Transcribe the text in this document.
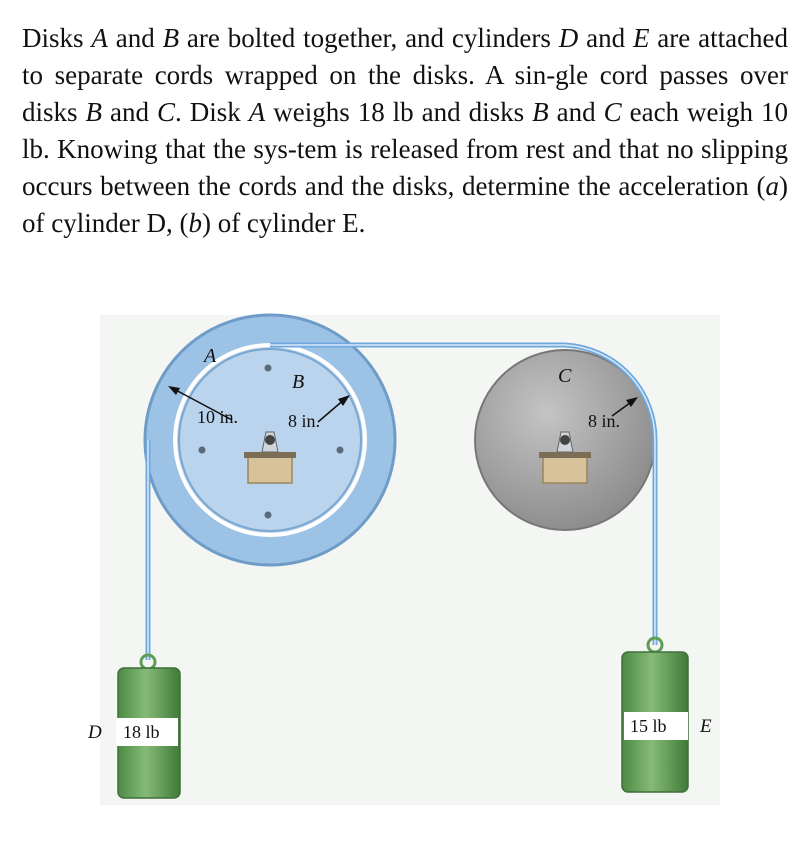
Disks A and B are bolted together, and cylinders D and E are attached to separate cords wrapped on the disks. A sin-gle cord passes over disks B and C. Disk A weighs 18 lb and disks B and C each weigh 10 lb. Knowing that the sys-tem is released from rest and that no slipping occurs between the cords and the disks, determine the acceleration (a) of cylinder D, (b) of cylinder E.
A
B	C
10 in.	8 in.	8 in.
D 18 lb	15 lb E
